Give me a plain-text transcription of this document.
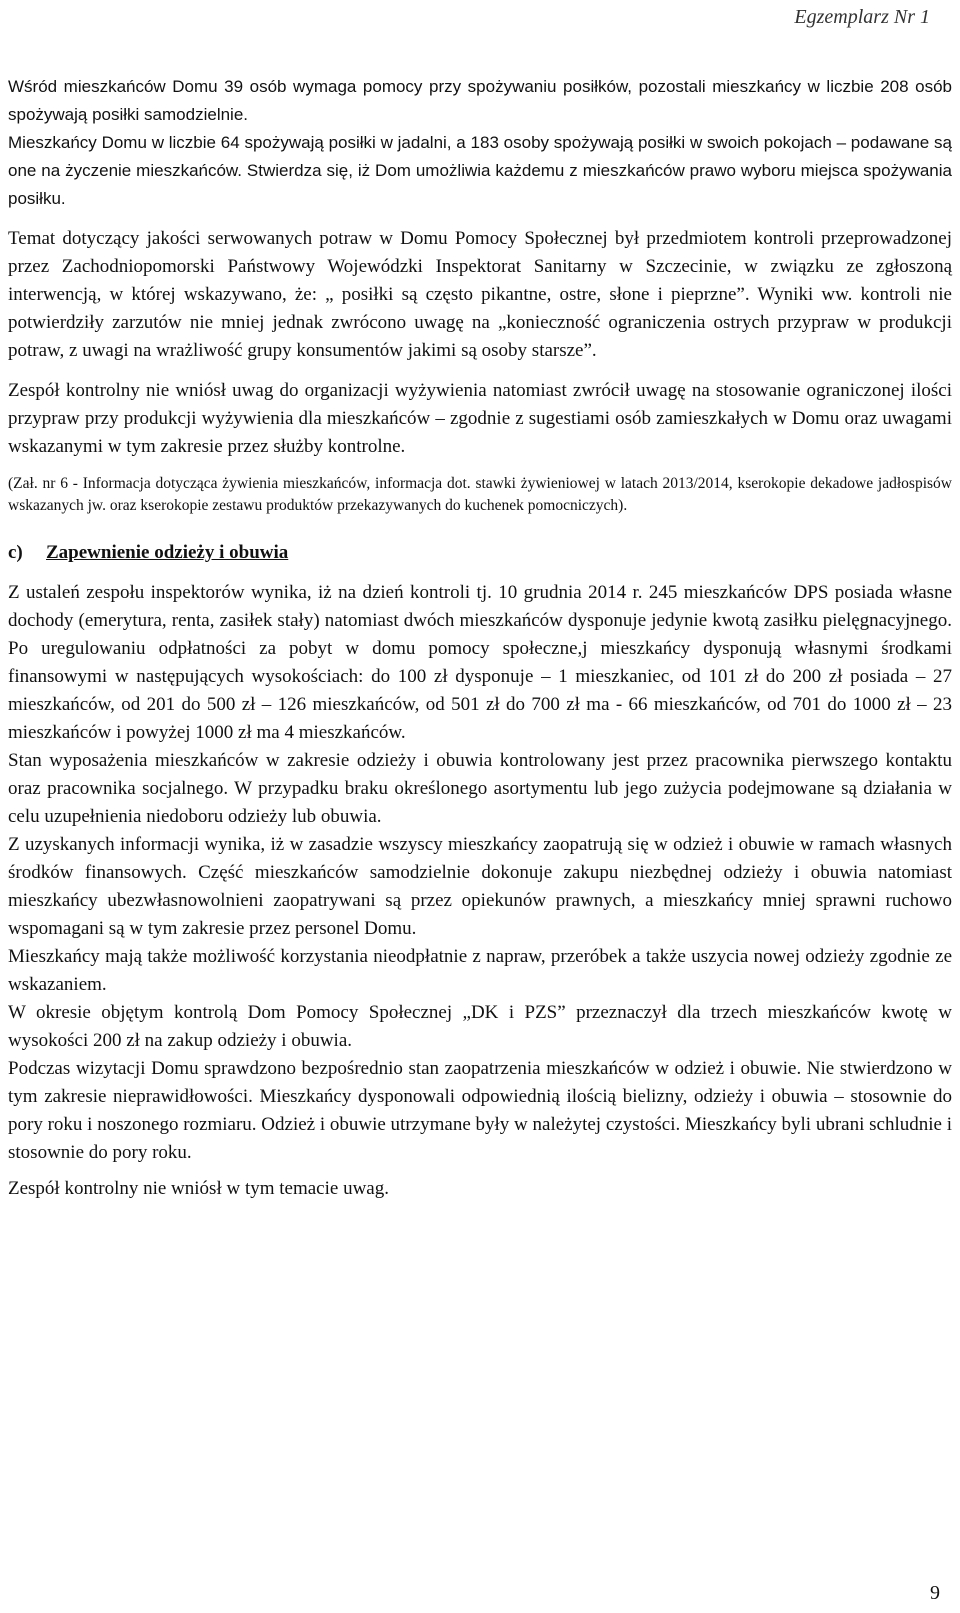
Egzemplarz Nr 1

Wśród mieszkańców Domu 39 osób wymaga pomocy przy spożywaniu posiłków, pozostali mieszkańcy w liczbie 208 osób spożywają posiłki samodzielnie.

Mieszkańcy Domu w liczbie 64 spożywają posiłki w jadalni, a 183 osoby spożywają posiłki w swoich pokojach – podawane są one na życzenie mieszkańców. Stwierdza się, iż Dom umożliwia każdemu z mieszkańców prawo wyboru miejsca spożywania posiłku.

Temat dotyczący jakości serwowanych potraw w Domu Pomocy Społecznej był przedmiotem kontroli przeprowadzonej przez Zachodniopomorski Państwowy Wojewódzki Inspektorat Sanitarny w Szczecinie, w związku ze zgłoszoną interwencją, w której wskazywano, że: „ posiłki są często pikantne, ostre, słone i pieprzne”. Wyniki ww. kontroli nie potwierdziły zarzutów nie mniej jednak zwrócono uwagę na „konieczność ograniczenia ostrych przypraw w produkcji potraw, z uwagi na wrażliwość grupy konsumentów jakimi są osoby starsze”.

Zespół kontrolny nie wniósł uwag do organizacji wyżywienia natomiast zwrócił uwagę na stosowanie ograniczonej ilości przypraw przy produkcji wyżywienia dla mieszkańców – zgodnie z sugestiami osób zamieszkałych w Domu oraz uwagami wskazanymi w tym zakresie przez służby kontrolne.

(Zał. nr 6 - Informacja dotycząca żywienia mieszkańców, informacja dot. stawki żywieniowej w latach 2013/2014, kserokopie dekadowe jadłospisów wskazanych jw. oraz kserokopie zestawu produktów przekazywanych do kuchenek pomocniczych).

c) Zapewnienie odzieży i obuwia

Z ustaleń zespołu inspektorów wynika, iż na dzień kontroli tj. 10 grudnia 2014 r. 245 mieszkańców DPS posiada własne dochody (emerytura, renta, zasiłek stały) natomiast dwóch mieszkańców dysponuje jedynie kwotą zasiłku pielęgnacyjnego. Po uregulowaniu odpłatności za pobyt w domu pomocy społeczne,j mieszkańcy dysponują własnymi środkami finansowymi w następujących wysokościach: do 100 zł dysponuje – 1 mieszkaniec, od 101 zł do 200 zł posiada – 27 mieszkańców, od 201 do 500 zł – 126 mieszkańców, od 501 zł do 700 zł ma - 66 mieszkańców, od 701 do 1000 zł – 23 mieszkańców i powyżej 1000 zł ma 4 mieszkańców.

Stan wyposażenia mieszkańców w zakresie odzieży i obuwia kontrolowany jest przez pracownika pierwszego kontaktu oraz pracownika socjalnego. W przypadku braku określonego asortymentu lub jego zużycia podejmowane są działania w celu uzupełnienia niedoboru odzieży lub obuwia.

Z uzyskanych informacji wynika, iż w zasadzie wszyscy mieszkańcy zaopatrują się w odzież i obuwie w ramach własnych środków finansowych. Część mieszkańców samodzielnie dokonuje zakupu niezbędnej odzieży i obuwia natomiast mieszkańcy ubezwłasnowolnieni zaopatrywani są przez opiekunów prawnych, a mieszkańcy mniej sprawni ruchowo wspomagani są w tym zakresie przez personel Domu.

Mieszkańcy mają także możliwość korzystania nieodpłatnie z napraw, przeróbek a także uszycia nowej odzieży zgodnie ze wskazaniem.

W okresie objętym kontrolą Dom Pomocy Społecznej „DK i PZS” przeznaczył dla trzech mieszkańców kwotę w wysokości 200 zł na zakup odzieży i obuwia.

Podczas wizytacji Domu sprawdzono bezpośrednio stan zaopatrzenia mieszkańców w odzież i obuwie. Nie stwierdzono w tym zakresie nieprawidłowości. Mieszkańcy dysponowali odpowiednią ilością bielizny, odzieży i obuwia – stosownie do pory roku i noszonego rozmiaru. Odzież i obuwie utrzymane były w należytej czystości. Mieszkańcy byli ubrani schludnie i stosownie do pory roku.

Zespół kontrolny nie wniósł w tym temacie uwag.

9
